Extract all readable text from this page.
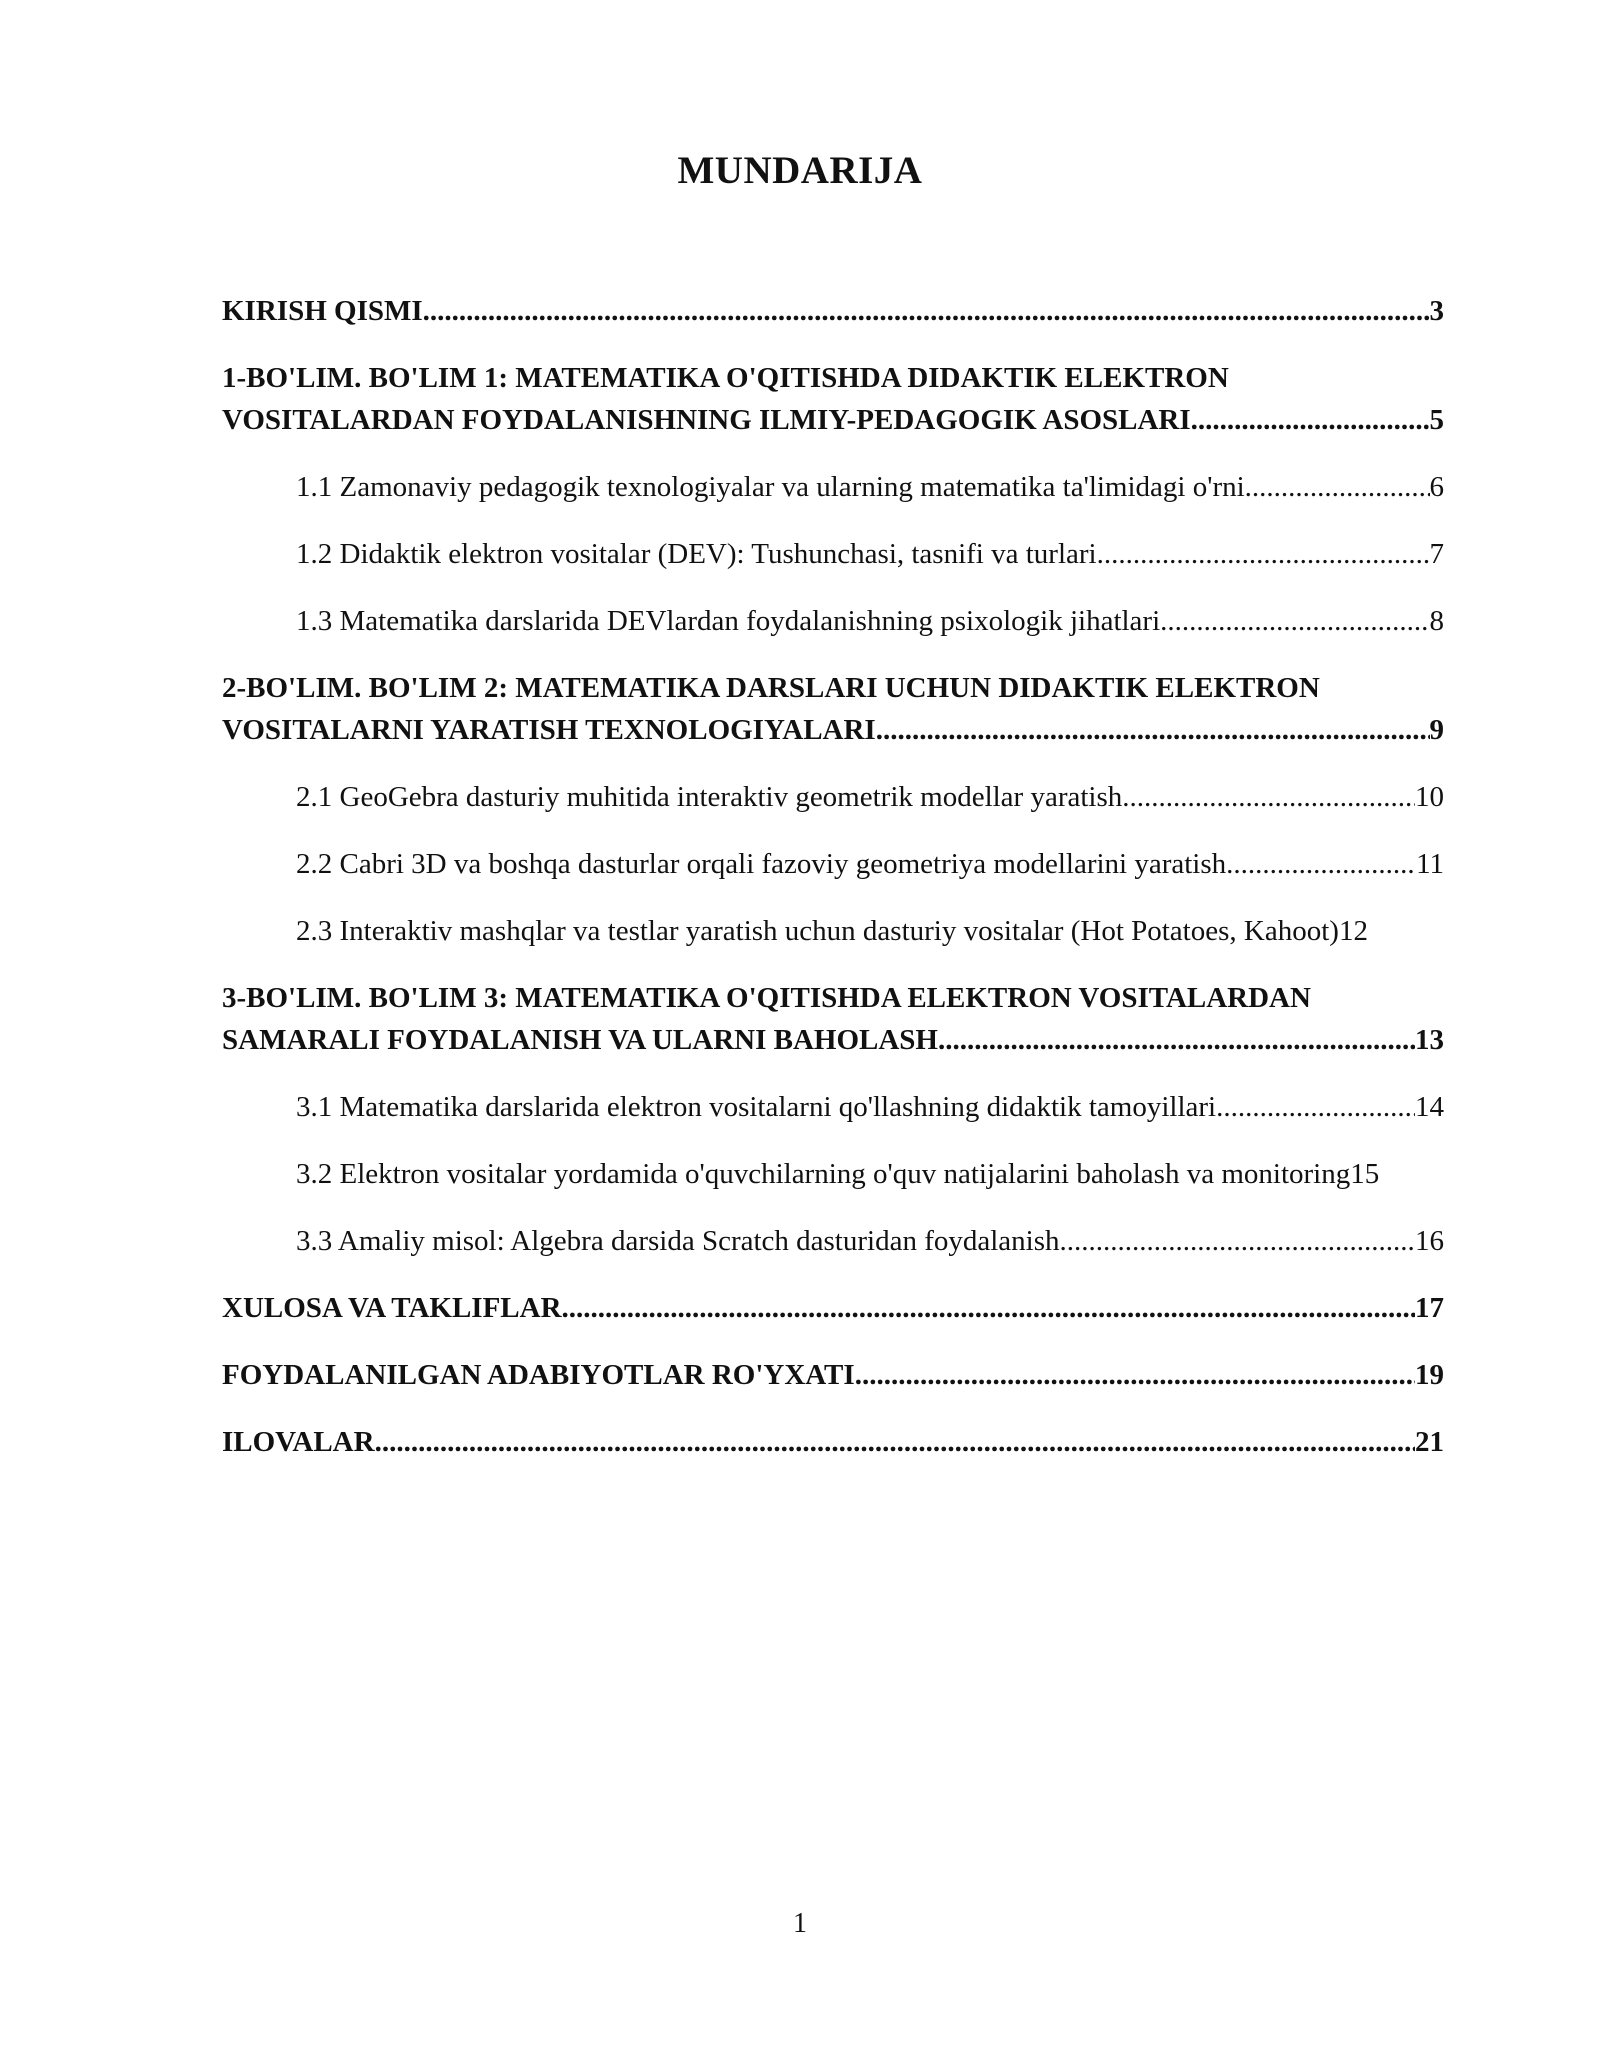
MUNDARIJA
KIRISH QISMI .....	3
1-BO'LIM. BO'LIM 1: MATEMATIKA O'QITISHDA DIDAKTIK ELEKTRON
VOSITALARDAN FOYDALANISHNING ILMIY-PEDAGOGIK ASOSLARI .....	5
1.1 Zamonaviy pedagogik texnologiyalar va ularning matematika ta'limidagi o'rni .....	6
1.2 Didaktik elektron vositalar (DEV): Tushunchasi, tasnifi va turlari .....	7
1.3 Matematika darslarida DEVlardan foydalanishning psixologik jihatlari .....	8
2-BO'LIM. BO'LIM 2: MATEMATIKA DARSLARI UCHUN DIDAKTIK ELEKTRON
VOSITALARNI YARATISH TEXNOLOGIYALARI .....	9
2.1 GeoGebra dasturiy muhitida interaktiv geometrik modellar yaratish .....	10
2.2 Cabri 3D va boshqa dasturlar orqali fazoviy geometriya modellarini yaratish .....	11
2.3 Interaktiv mashqlar va testlar yaratish uchun dasturiy vositalar (Hot Potatoes, Kahoot) 12
3-BO'LIM. BO'LIM 3: MATEMATIKA O'QITISHDA ELEKTRON VOSITALARDAN
SAMARALI FOYDALANISH VA ULARNI BAHOLASH .....	13
3.1 Matematika darslarida elektron vositalarni qo'llashning didaktik tamoyillari .....	14
3.2 Elektron vositalar yordamida o'quvchilarning o'quv natijalarini baholash va monitoring 15
3.3 Amaliy misol: Algebra darsida Scratch dasturidan foydalanish .....	16
XULOSA VA TAKLIFLAR .....	17
FOYDALANILGAN ADABIYOTLAR RO'YXATI .....	19
ILOVALAR .....	21
1
